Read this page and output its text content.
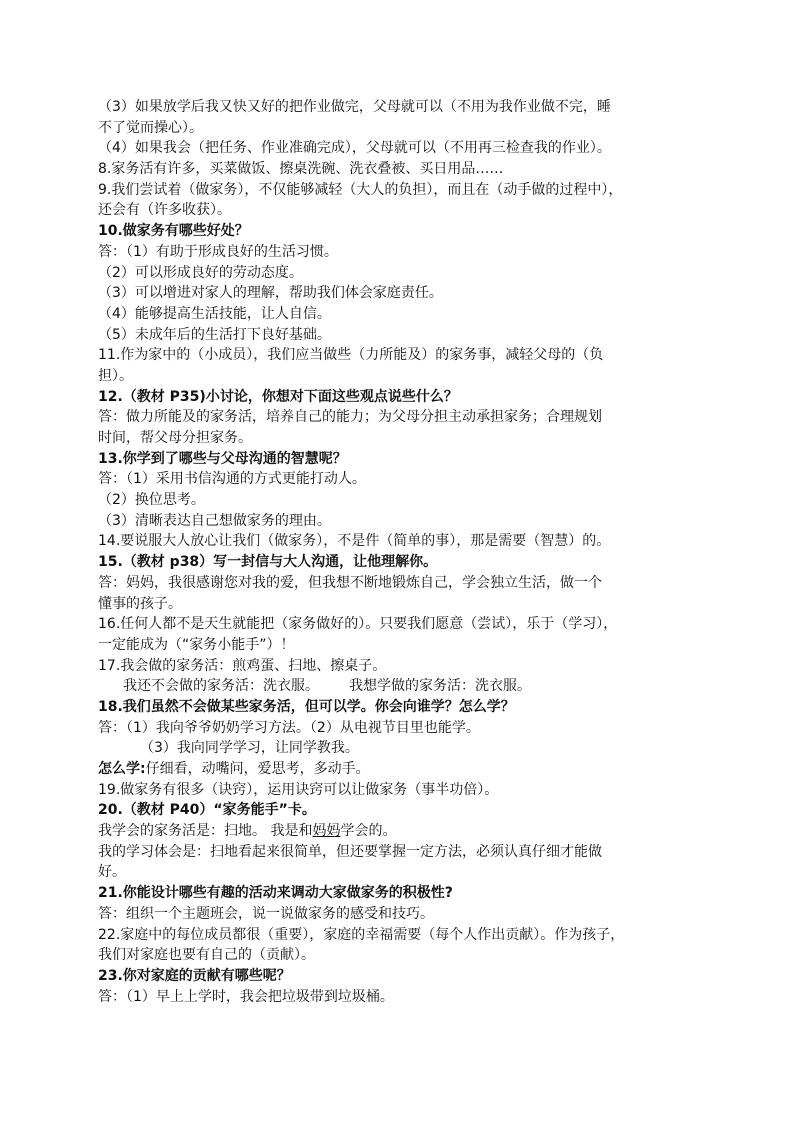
（3）如果放学后我又快又好的把作业做完，父母就可以（不用为我作业做不完，睡
不了觉而操心）。
（4）如果我会（把任务、作业准确完成），父母就可以（不用再三检查我的作业）。
8.家务活有许多，买菜做饭、擦桌洗碗、洗衣叠被、买日用品……
9.我们尝试着（做家务），不仅能够减轻（大人的负担），而且在（动手做的过程中），
还会有（许多收获）。
10.做家务有哪些好处？
答：（1）有助于形成良好的生活习惯。
（2）可以形成良好的劳动态度。
（3）可以增进对家人的理解，帮助我们体会家庭责任。
（4）能够提高生活技能，让人自信。
（5）未成年后的生活打下良好基础。
11.作为家中的（小成员），我们应当做些（力所能及）的家务事，减轻父母的（负
担）。
12.（教材 P35)小讨论，你想对下面这些观点说些什么？
答：做力所能及的家务活，培养自己的能力；为父母分担主动承担家务；合理规划
时间，帮父母分担家务。
13.你学到了哪些与父母沟通的智慧呢？
答：（1）采用书信沟通的方式更能打动人。
（2）换位思考。
（3）清晰表达自己想做家务的理由。
14.要说服大人放心让我们（做家务），不是件（简单的事），那是需要（智慧）的。
15.（教材 p38）写一封信与大人沟通，让他理解你。
答：妈妈，我很感谢您对我的爱，但我想不断地锻炼自己，学会独立生活，做一个
懂事的孩子。
16.任何人都不是天生就能把（家务做好的）。只要我们愿意（尝试），乐于（学习），
一定能成为（“家务小能手”）！
17.我会做的家务活：煎鸡蛋、扫地、擦桌子。
我还不会做的家务活：洗衣服。 我想学做的家务活：洗衣服。
18.我们虽然不会做某些家务活，但可以学。你会向谁学？怎么学？
答：（1）我向爷爷奶奶学习方法。（2）从电视节目里也能学。
（3）我向同学学习，让同学教我。
怎么学:仔细看，动嘴问，爱思考，多动手。
19.做家务有很多（诀窍），运用诀窍可以让做家务（事半功倍）。
20.（教材 P40）“家务能手”卡。
我学会的家务活是：扫地。 我是和妈妈学会的。
我的学习体会是：扫地看起来很简单，但还要掌握一定方法，必须认真仔细才能做
好。
21.你能设计哪些有趣的活动来调动大家做家务的积极性?
答：组织一个主题班会，说一说做家务的感受和技巧。
22.家庭中的每位成员都很（重要），家庭的幸福需要（每个人作出贡献）。作为孩子，
我们对家庭也要有自己的（贡献）。
23.你对家庭的贡献有哪些呢？
答：（1）早上上学时，我会把垃圾带到垃圾桶。
